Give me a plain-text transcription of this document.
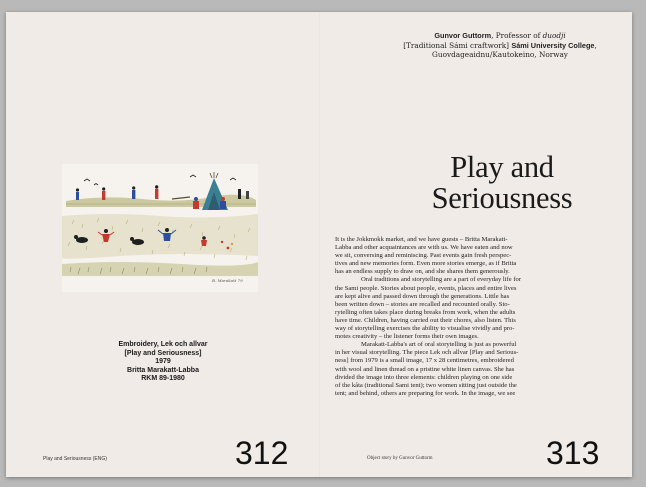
B. Marakatt 79
Embroidery, Lek och allvar
[Play and Seriousness]
1979
Britta Marakatt-Labba
RKM 89-1980
Play and Seriousness (ENG)	312
Gunvor Guttorm, Professor of duodji
[Traditional Sámi craftwork] Sámi University College,
Guovdageaidnu/Kautokeino, Norway
Play and
Seriousness
It is the Jokkmokk market, and we have guests – Britta Marakatt-
Labba and other acquaintances are with us. We have eaten and now
we sit, conversing and reminiscing. Past events gain fresh perspec-
tives and new memories form. Even more stories emerge, as if Britta
has an endless supply to draw on, and she shares them generously.
Oral traditions and storytelling are a part of everyday life for
the Sami people. Stories about people, events, places and entire lives
are kept alive and passed down through the generations. Little has
been written down – stories are recalled and recounted orally. Sto-
rytelling often takes place during breaks from work, when the adults
have time. Children, having carried out their chores, also listen. This
way of storytelling exercises the ability to visualise vividly and pro-
motes creativity – the listener forms their own images.
Marakatt-Labba's art of oral storytelling is just as powerful
in her visual storytelling. The piece Lek och allvar [Play and Serious-
ness] from 1979 is a small image, 17 x 28 centimetres, embroidered
with wool and linen thread on a pristine white linen canvas. She has
divided the image into three elements: children playing on one side
of the kåta (traditional Sami tent); two women sitting just outside the
tent; and behind, others are preparing for work. In the image, we see
Object story by Gunvor Guttorm	313
